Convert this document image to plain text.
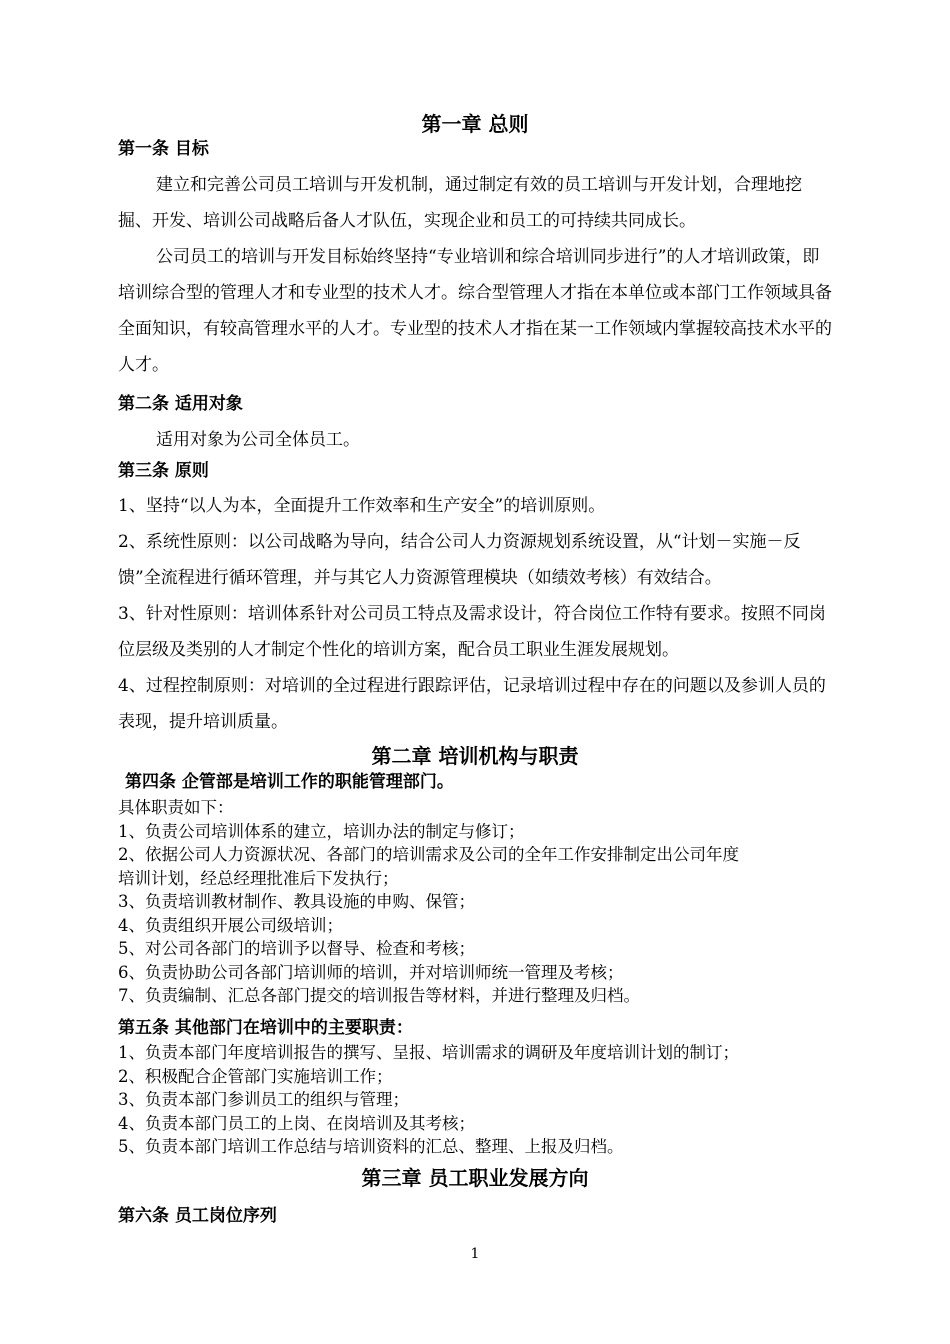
第一章 总则
第一条 目标
建立和完善公司员工培训与开发机制，通过制定有效的员工培训与开发计划，合理地挖掘、开发、培训公司战略后备人才队伍，实现企业和员工的可持续共同成长。
公司员工的培训与开发目标始终坚持“专业培训和综合培训同步进行”的人才培训政策，即培训综合型的管理人才和专业型的技术人才。综合型管理人才指在本单位或本部门工作领域具备全面知识，有较高管理水平的人才。专业型的技术人才指在某一工作领域内掌握较高技术水平的人才。
第二条 适用对象
适用对象为公司全体员工。
第三条 原则
1、坚持“以人为本，全面提升工作效率和生产安全”的培训原则。
2、系统性原则：以公司战略为导向，结合公司人力资源规划系统设置，从“计划－实施－反馈”全流程进行循环管理，并与其它人力资源管理模块（如绩效考核）有效结合。
3、针对性原则：培训体系针对公司员工特点及需求设计，符合岗位工作特有要求。按照不同岗位层级及类别的人才制定个性化的培训方案，配合员工职业生涯发展规划。
4、过程控制原则：对培训的全过程进行跟踪评估，记录培训过程中存在的问题以及参训人员的表现，提升培训质量。
第二章 培训机构与职责
第四条 企管部是培训工作的职能管理部门。
具体职责如下：
1、负责公司培训体系的建立，培训办法的制定与修订；
2、依据公司人力资源状况、各部门的培训需求及公司的全年工作安排制定出公司年度
培训计划，经总经理批准后下发执行；
3、负责培训教材制作、教具设施的申购、保管；
4、负责组织开展公司级培训；
5、对公司各部门的培训予以督导、检查和考核；
6、负责协助公司各部门培训师的培训，并对培训师统一管理及考核；
7、负责编制、汇总各部门提交的培训报告等材料，并进行整理及归档。
第五条 其他部门在培训中的主要职责：
1、负责本部门年度培训报告的撰写、呈报、培训需求的调研及年度培训计划的制订；
2、积极配合企管部门实施培训工作；
3、负责本部门参训员工的组织与管理；
4、负责本部门员工的上岗、在岗培训及其考核；
5、负责本部门培训工作总结与培训资料的汇总、整理、上报及归档。
第三章 员工职业发展方向
第六条 员工岗位序列
1
